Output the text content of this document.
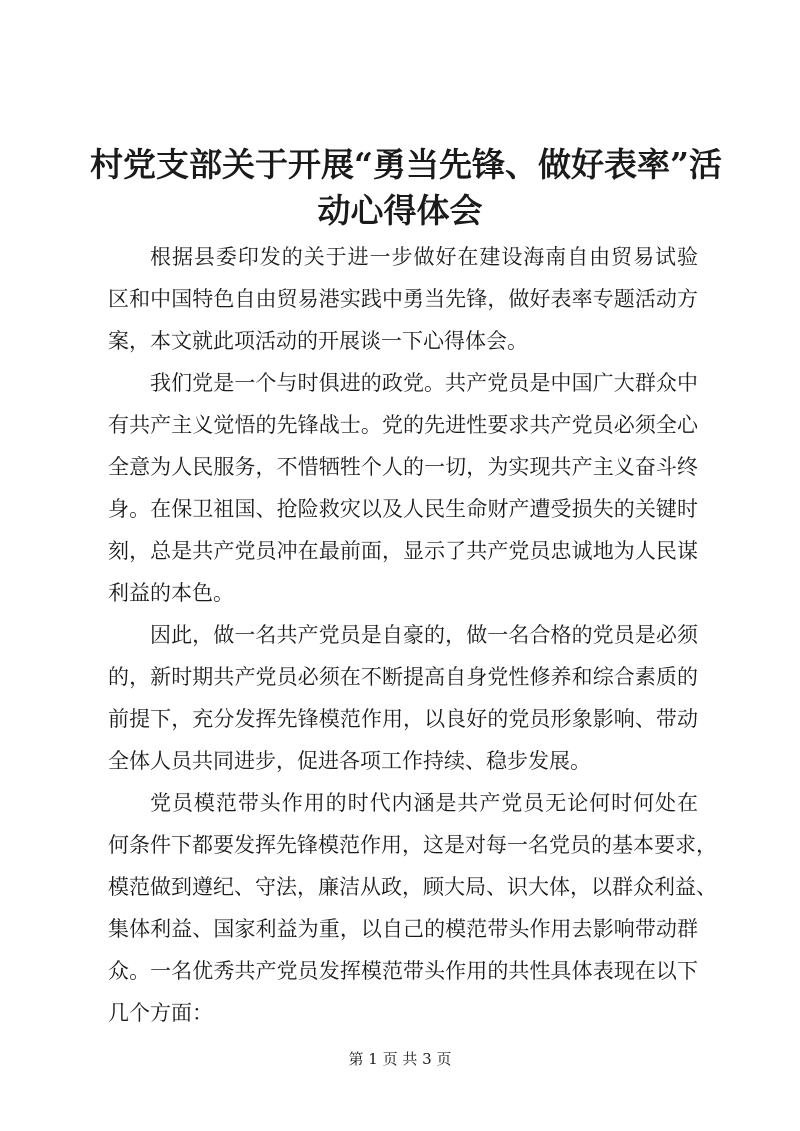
村党支部关于开展“勇当先锋、做好表率”活
动心得体会

根据县委印发的关于进一步做好在建设海南自由贸易试验
区和中国特色自由贸易港实践中勇当先锋，做好表率专题活动方
案，本文就此项活动的开展谈一下心得体会。

我们党是一个与时俱进的政党。共产党员是中国广大群众中
有共产主义觉悟的先锋战士。党的先进性要求共产党员必须全心
全意为人民服务，不惜牺牲个人的一切，为实现共产主义奋斗终
身。在保卫祖国、抢险救灾以及人民生命财产遭受损失的关键时
刻，总是共产党员冲在最前面，显示了共产党员忠诚地为人民谋
利益的本色。

因此，做一名共产党员是自豪的，做一名合格的党员是必须
的，新时期共产党员必须在不断提高自身党性修养和综合素质的
前提下，充分发挥先锋模范作用，以良好的党员形象影响、带动
全体人员共同进步，促进各项工作持续、稳步发展。

党员模范带头作用的时代内涵是共产党员无论何时何处在
何条件下都要发挥先锋模范作用，这是对每一名党员的基本要求，
模范做到遵纪、守法，廉洁从政，顾大局、识大体，以群众利益、
集体利益、国家利益为重，以自己的模范带头作用去影响带动群
众。一名优秀共产党员发挥模范带头作用的共性具体表现在以下
几个方面：

第 1 页 共 3 页
